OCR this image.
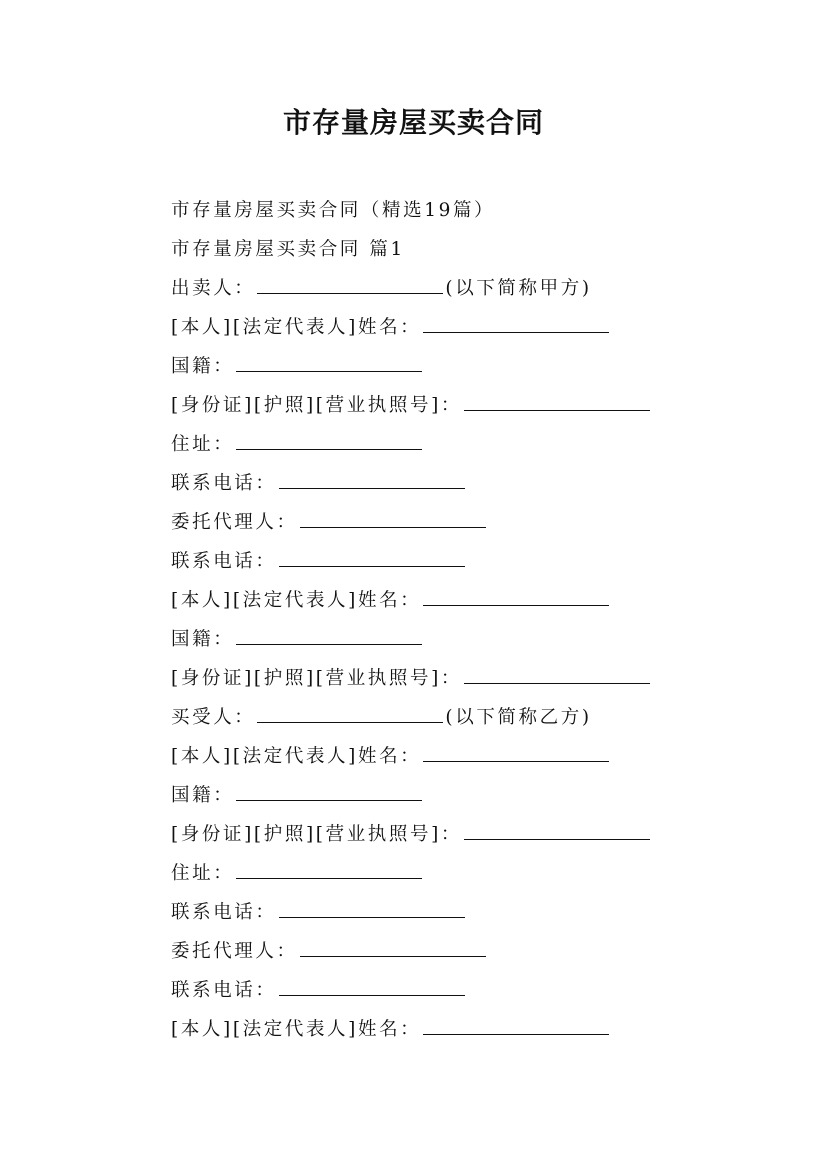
市存量房屋买卖合同
市存量房屋买卖合同（精选19篇）
市存量房屋买卖合同 篇1
出卖人：	(以下简称甲方)
[本人][法定代表人]姓名：
国籍：
[身份证][护照][营业执照号]：
住址：
联系电话：
委托代理人：
联系电话：
[本人][法定代表人]姓名：
国籍：
[身份证][护照][营业执照号]：
买受人：	(以下简称乙方)
[本人][法定代表人]姓名：
国籍：
[身份证][护照][营业执照号]：
住址：
联系电话：
委托代理人：
联系电话：
[本人][法定代表人]姓名：
